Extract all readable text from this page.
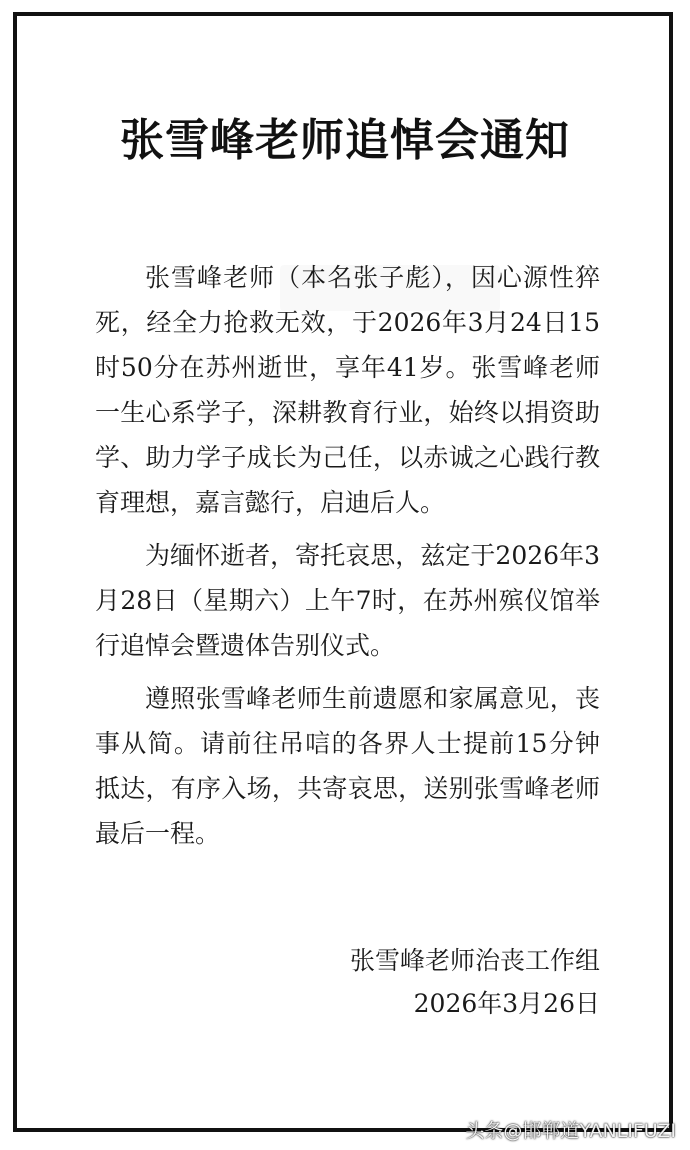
张雪峰老师追悼会通知

张雪峰老师（本名张子彪），因心源性猝死，经全力抢救无效，于2026年3月24日15时50分在苏州逝世，享年41岁。张雪峰老师一生心系学子，深耕教育行业，始终以捐资助学、助力学子成长为己任，以赤诚之心践行教育理想，嘉言懿行，启迪后人。

为缅怀逝者，寄托哀思，兹定于2026年3月28日（星期六）上午7时，在苏州殡仪馆举行追悼会暨遗体告别仪式。

遵照张雪峰老师生前遗愿和家属意见，丧事从简。请前往吊唁的各界人士提前15分钟抵达，有序入场，共寄哀思，送别张雪峰老师最后一程。

张雪峰老师治丧工作组
2026年3月26日
头条@邯郸道YANLIFUZI
